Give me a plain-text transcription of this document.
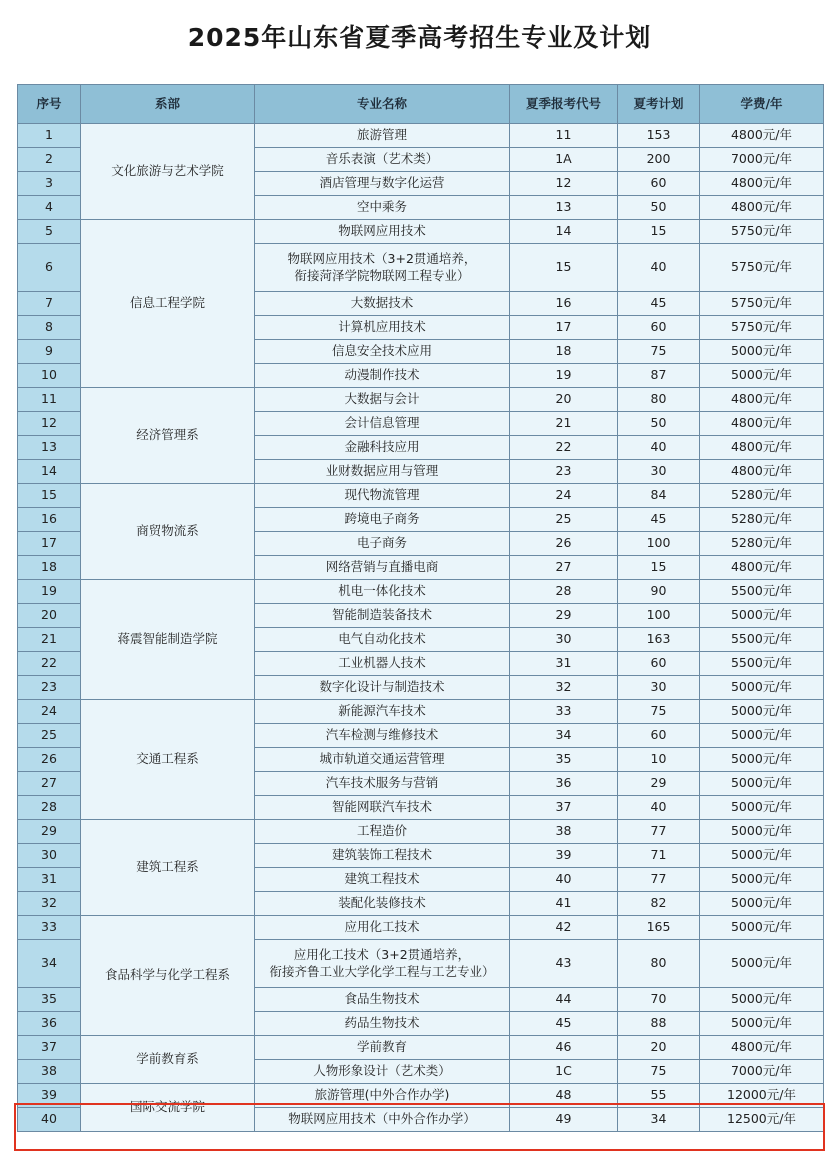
2025年山东省夏季高考招生专业及计划
序号	系部	专业名称	夏季报考代号	夏考计划	学费/年
1	文化旅游与艺术学院	旅游管理	11	153	4800元/年
2		音乐表演（艺术类）	1A	200	7000元/年
3		酒店管理与数字化运营	12	60	4800元/年
4		空中乘务	13	50	4800元/年
5	信息工程学院	物联网应用技术	14	15	5750元/年
6		物联网应用技术（3+2贯通培养，
衔接菏泽学院物联网工程专业）	15	40	5750元/年
7		大数据技术	16	45	5750元/年
8		计算机应用技术	17	60	5750元/年
9		信息安全技术应用	18	75	5000元/年
10		动漫制作技术	19	87	5000元/年
11	经济管理系	大数据与会计	20	80	4800元/年
12		会计信息管理	21	50	4800元/年
13		金融科技应用	22	40	4800元/年
14		业财数据应用与管理	23	30	4800元/年
15	商贸物流系	现代物流管理	24	84	5280元/年
16		跨境电子商务	25	45	5280元/年
17		电子商务	26	100	5280元/年
18		网络营销与直播电商	27	15	4800元/年
19	蒋震智能制造学院	机电一体化技术	28	90	5500元/年
20		智能制造装备技术	29	100	5000元/年
21		电气自动化技术	30	163	5500元/年
22		工业机器人技术	31	60	5500元/年
23		数字化设计与制造技术	32	30	5000元/年
24	交通工程系	新能源汽车技术	33	75	5000元/年
25		汽车检测与维修技术	34	60	5000元/年
26		城市轨道交通运营管理	35	10	5000元/年
27		汽车技术服务与营销	36	29	5000元/年
28		智能网联汽车技术	37	40	5000元/年
29	建筑工程系	工程造价	38	77	5000元/年
30		建筑装饰工程技术	39	71	5000元/年
31		建筑工程技术	40	77	5000元/年
32		装配化装修技术	41	82	5000元/年
33	食品科学与化学工程系	应用化工技术	42	165	5000元/年
34		应用化工技术（3+2贯通培养，
衔接齐鲁工业大学化学工程与工艺专业）	43	80	5000元/年
35		食品生物技术	44	70	5000元/年
36		药品生物技术	45	88	5000元/年
37	学前教育系	学前教育	46	20	4800元/年
38		人物形象设计（艺术类）	1C	75	7000元/年
39	国际交流学院	旅游管理(中外合作办学)	48	55	12000元/年
40		物联网应用技术（中外合作办学）	49	34	12500元/年
